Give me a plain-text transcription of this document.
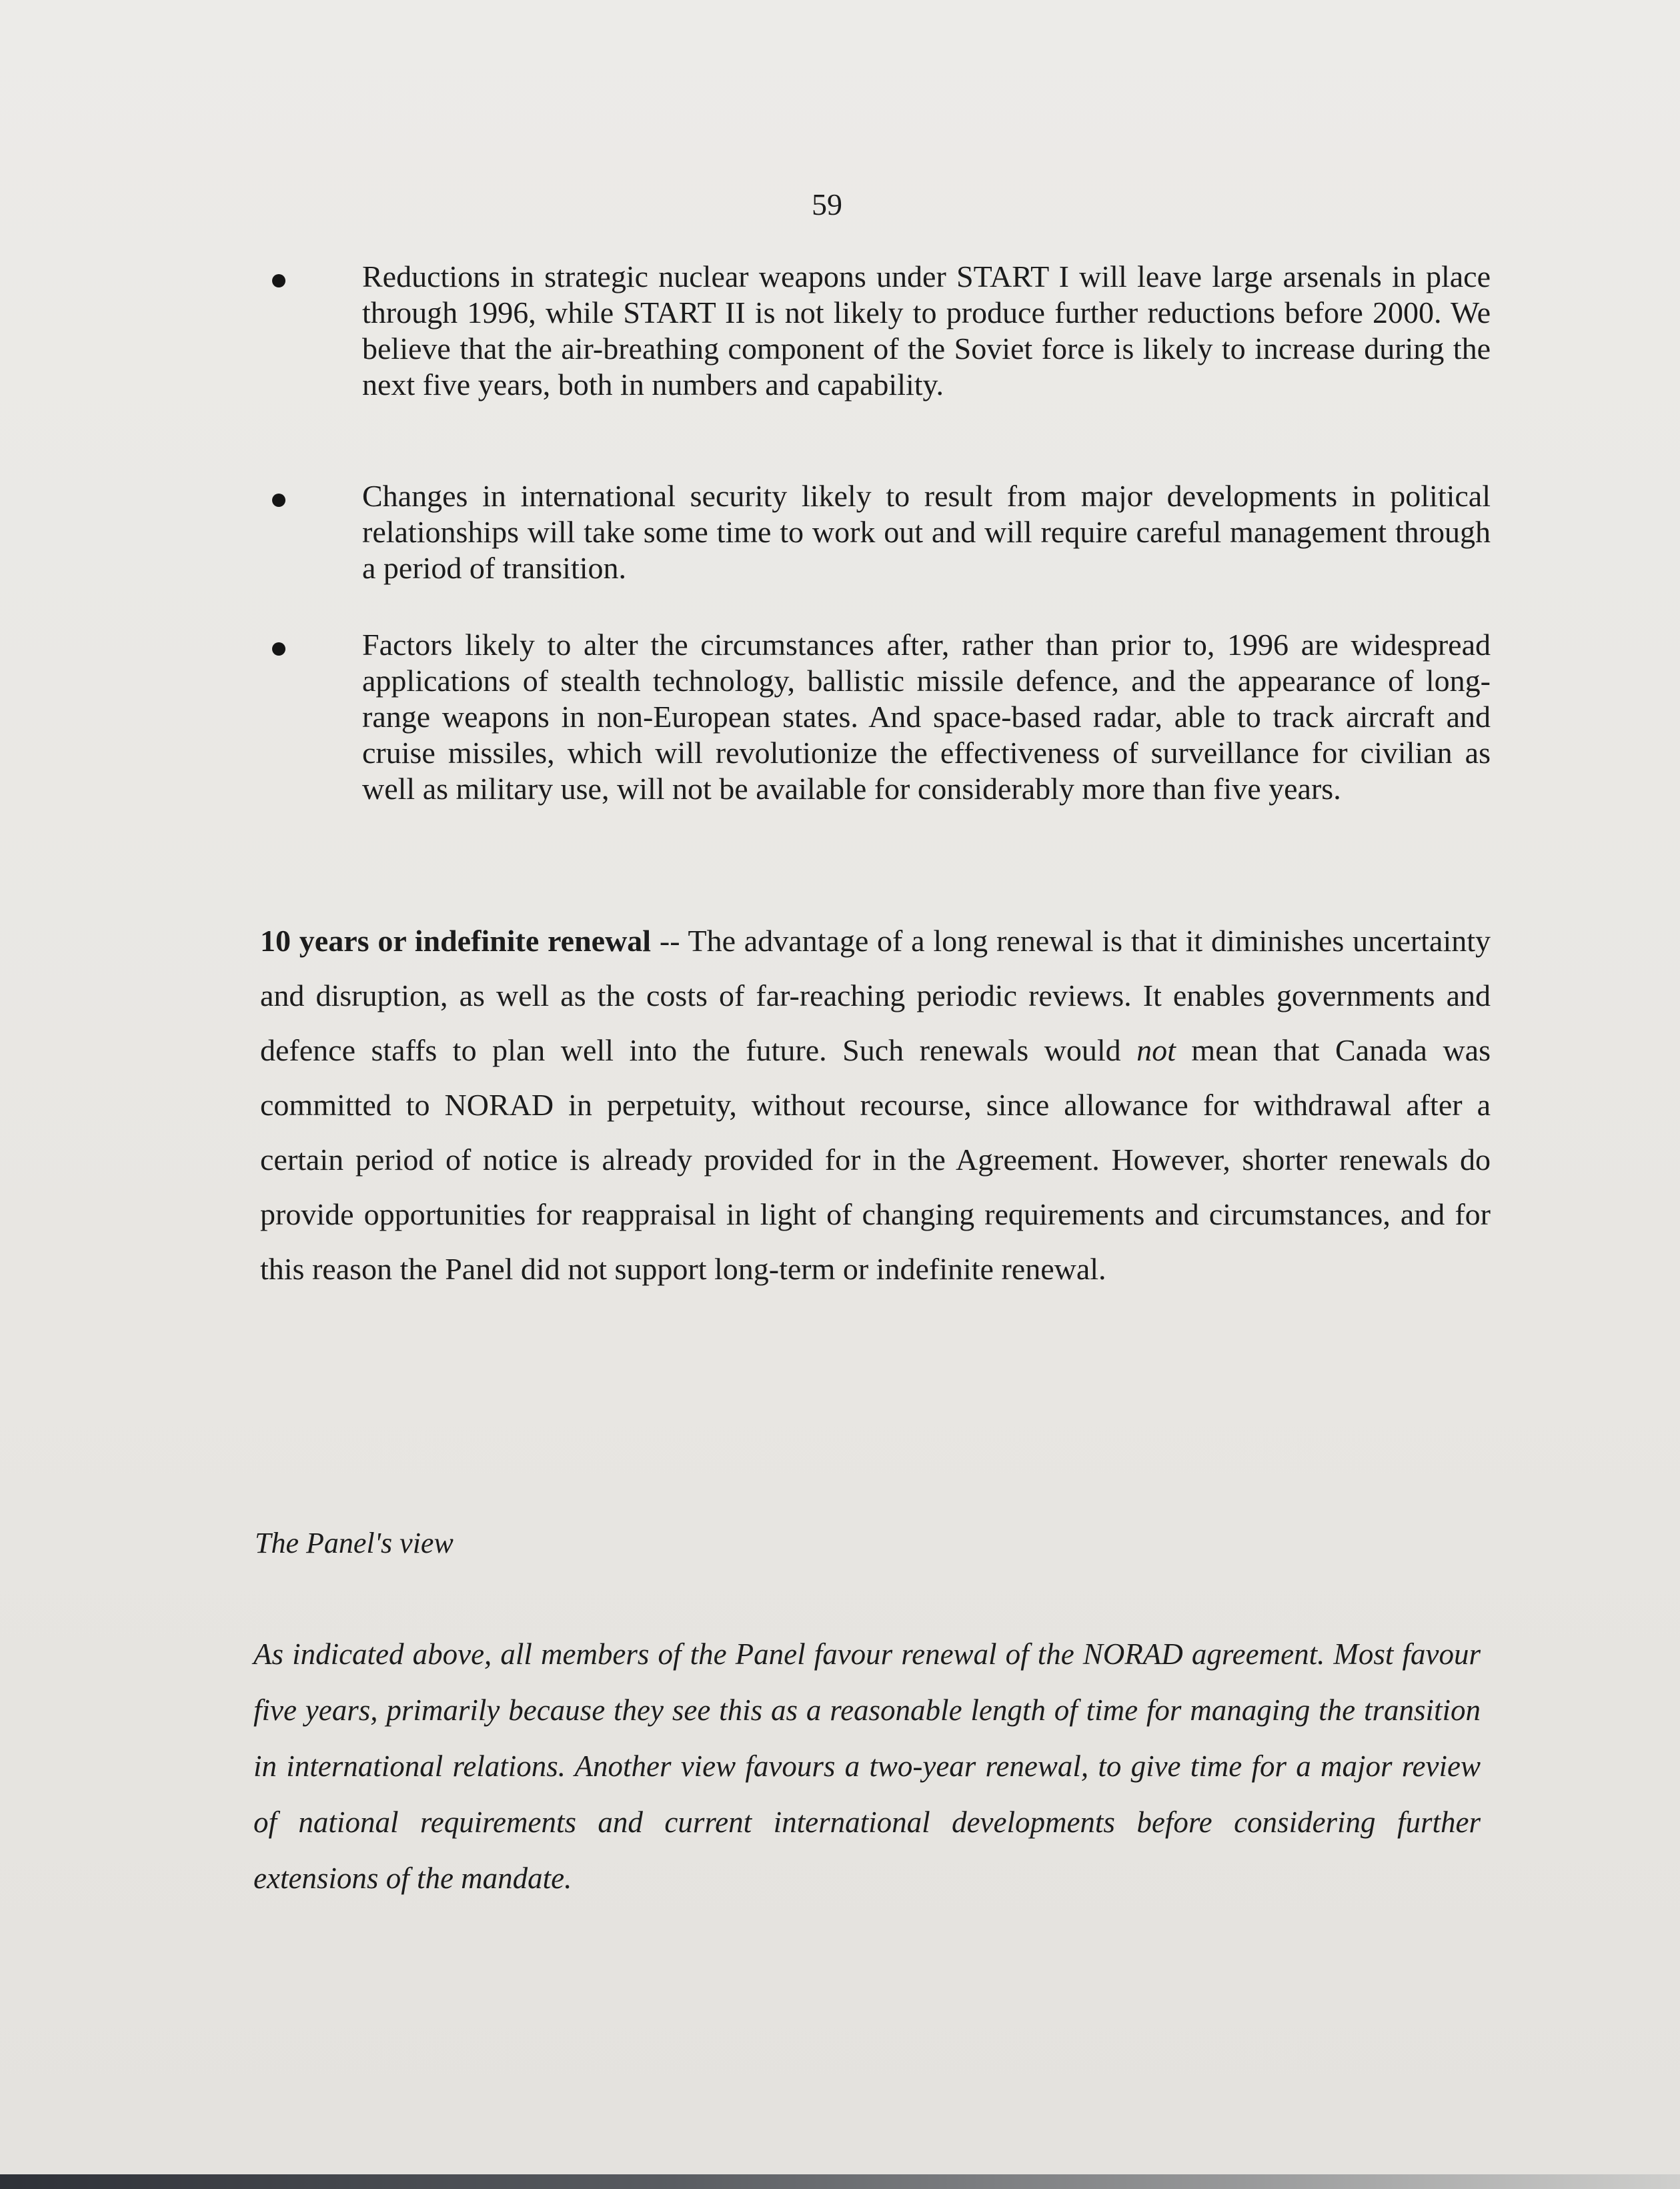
59
Reductions in strategic nuclear weapons under START I will leave large arsenals in place through 1996, while START II is not likely to produce further reductions before 2000. We believe that the air-breathing component of the Soviet force is likely to increase during the next five years, both in numbers and capability.
Changes in international security likely to result from major developments in political relationships will take some time to work out and will require careful management through a period of transition.
Factors likely to alter the circumstances after, rather than prior to, 1996 are widespread applications of stealth technology, ballistic missile defence, and the appearance of long-range weapons in non-European states. And space-based radar, able to track aircraft and cruise missiles, which will revolutionize the effectiveness of surveillance for civilian as well as military use, will not be available for considerably more than five years.
10 years or indefinite renewal -- The advantage of a long renewal is that it diminishes uncertainty and disruption, as well as the costs of far-reaching periodic reviews. It enables governments and defence staffs to plan well into the future. Such renewals would not mean that Canada was committed to NORAD in perpetuity, without recourse, since allowance for withdrawal after a certain period of notice is already provided for in the Agreement. However, shorter renewals do provide opportunities for reappraisal in light of changing requirements and circumstances, and for this reason the Panel did not support long-term or indefinite renewal.
The Panel's view
As indicated above, all members of the Panel favour renewal of the NORAD agreement. Most favour five years, primarily because they see this as a reasonable length of time for managing the transition in international relations. Another view favours a two-year renewal, to give time for a major review of national requirements and current international developments before considering further extensions of the mandate.
